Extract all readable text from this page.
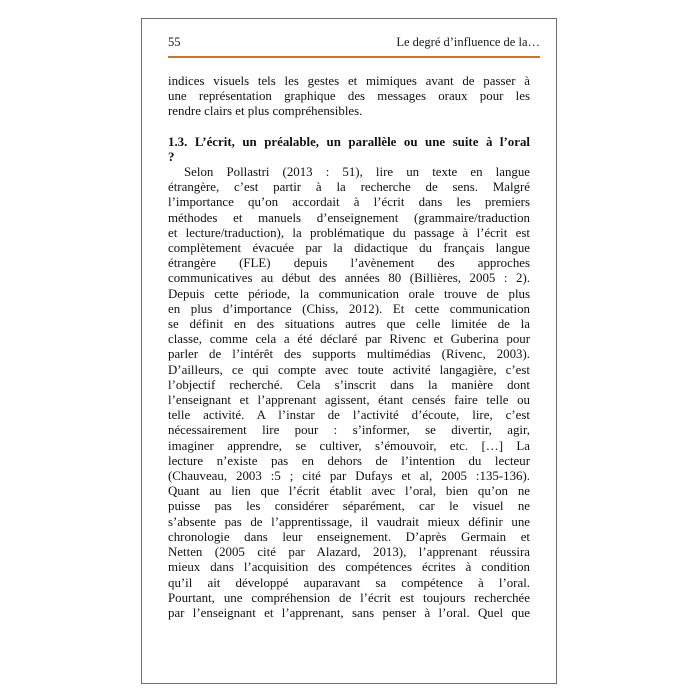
55	Le degré d’influence de la…
indices visuels tels les gestes et mimiques avant de passer à
une représentation graphique des messages oraux pour les
rendre clairs et plus compréhensibles.
1.3. L’écrit, un préalable, un parallèle ou une suite à l’oral
?
Selon Pollastri (2013 : 51), lire un texte en langue
étrangère, c’est partir à la recherche de sens. Malgré
l’importance qu’on accordait à l’écrit dans les premiers
méthodes et manuels d’enseignement (grammaire/traduction
et lecture/traduction), la problématique du passage à l’écrit est
complètement évacuée par la didactique du français langue
étrangère (FLE) depuis l’avènement des approches
communicatives au début des années 80 (Billières, 2005 : 2).
Depuis cette période, la communication orale trouve de plus
en plus d’importance (Chiss, 2012). Et cette communication
se définit en des situations autres que celle limitée de la
classe, comme cela a été déclaré par Rivenc et Guberina pour
parler de l’intérêt des supports multimédias (Rivenc, 2003).
D’ailleurs, ce qui compte avec toute activité langagière, c’est
l’objectif recherché. Cela s’inscrit dans la manière dont
l’enseignant et l’apprenant agissent, étant censés faire telle ou
telle activité. A l’instar de l’activité d’écoute, lire, c’est
nécessairement lire pour : s’informer, se divertir, agir,
imaginer apprendre, se cultiver, s’émouvoir, etc. […] La
lecture n’existe pas en dehors de l’intention du lecteur
(Chauveau, 2003 :5 ; cité par Dufays et al, 2005 :135-136).
Quant au lien que l’écrit établit avec l’oral, bien qu’on ne
puisse pas les considérer séparément, car le visuel ne
s’absente pas de l’apprentissage, il vaudrait mieux définir une
chronologie dans leur enseignement. D’après Germain et
Netten (2005 cité par Alazard, 2013), l’apprenant réussira
mieux dans l’acquisition des compétences écrites à condition
qu’il ait développé auparavant sa compétence à l’oral.
Pourtant, une compréhension de l’écrit est toujours recherchée
par l’enseignant et l’apprenant, sans penser à l’oral. Quel que
